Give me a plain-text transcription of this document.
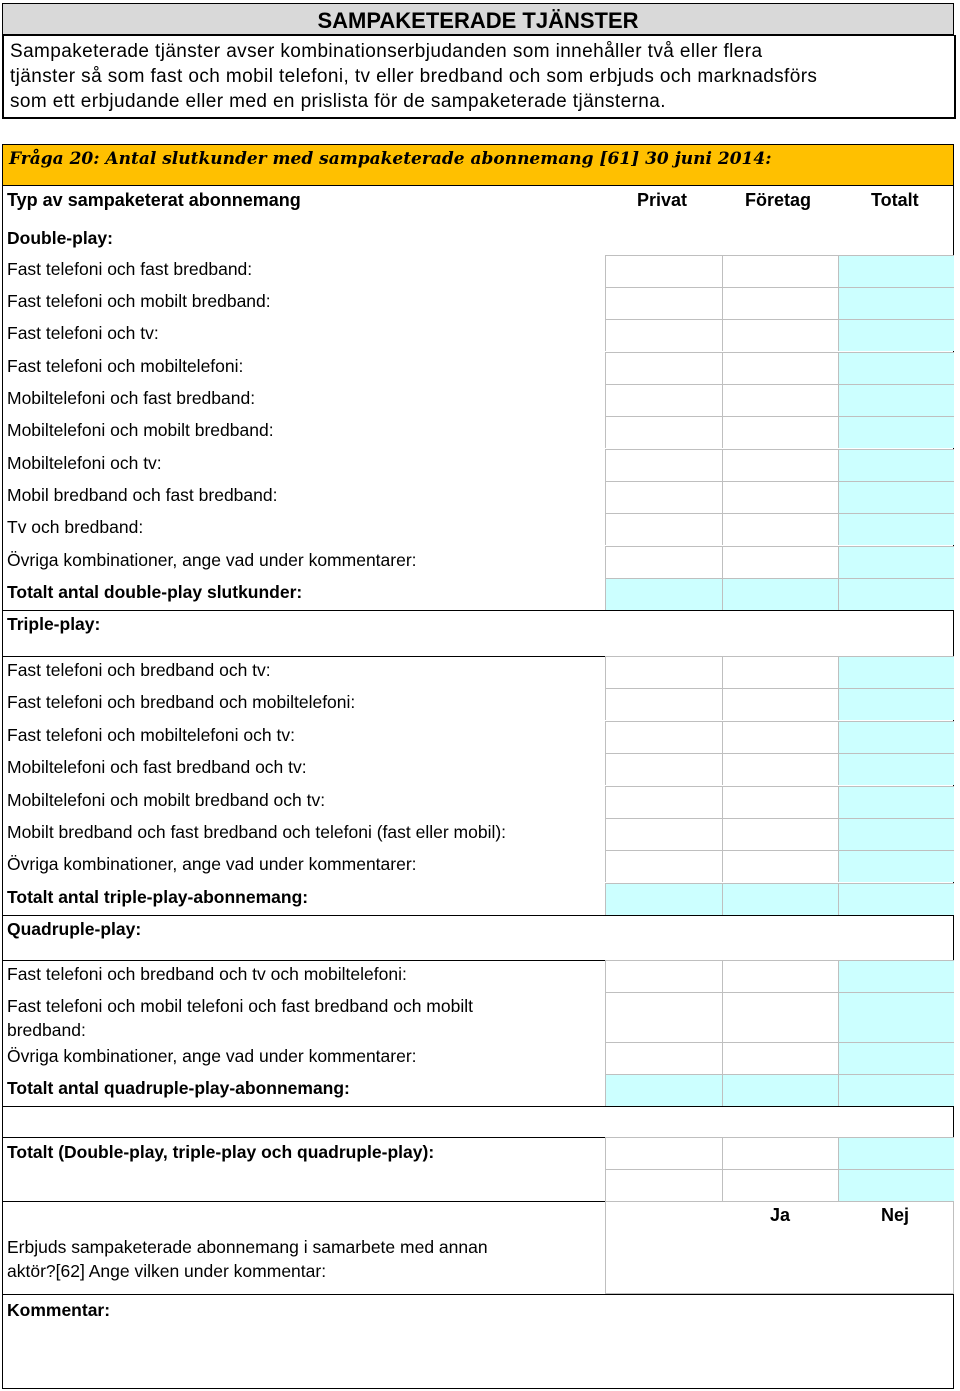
SAMPAKETERADE TJÄNSTER
Sampaketerade tjänster avser kombinationserbjudanden som innehåller två eller flera
tjänster så som fast och mobil telefoni, tv eller bredband och som erbjuds och marknadsförs
som ett erbjudande eller med en prislista för de sampaketerade tjänsterna.
Fråga 20: Antal slutkunder med sampaketerade abonnemang [61] 30 juni 2014:
Typ av sampaketerat abonnemang	Privat	Företag	Totalt
Double-play:
Fast telefoni och fast bredband:
Fast telefoni och mobilt bredband:
Fast telefoni och tv:
Fast telefoni och mobiltelefoni:
Mobiltelefoni och fast bredband:
Mobiltelefoni och mobilt bredband:
Mobiltelefoni och tv:
Mobil bredband och fast bredband:
Tv och bredband:
Övriga kombinationer, ange vad under kommentarer:
Totalt antal double-play slutkunder:
Triple-play:
Fast telefoni och bredband och tv:
Fast telefoni och bredband och mobiltelefoni:
Fast telefoni och mobiltelefoni och tv:
Mobiltelefoni och fast bredband och tv:
Mobiltelefoni och mobilt bredband och tv:
Mobilt bredband och fast bredband och telefoni (fast eller mobil):
Övriga kombinationer, ange vad under kommentarer:
Totalt antal triple-play-abonnemang:
Quadruple-play:
Fast telefoni och bredband och tv och mobiltelefoni:
Fast telefoni och mobil telefoni och fast bredband och mobilt
bredband:
Övriga kombinationer, ange vad under kommentarer:
Totalt antal quadruple-play-abonnemang:
Totalt (Double-play, triple-play och quadruple-play):
Ja	Nej
Erbjuds sampaketerade abonnemang i samarbete med annan
aktör?[62] Ange vilken under kommentar:
Kommentar:
